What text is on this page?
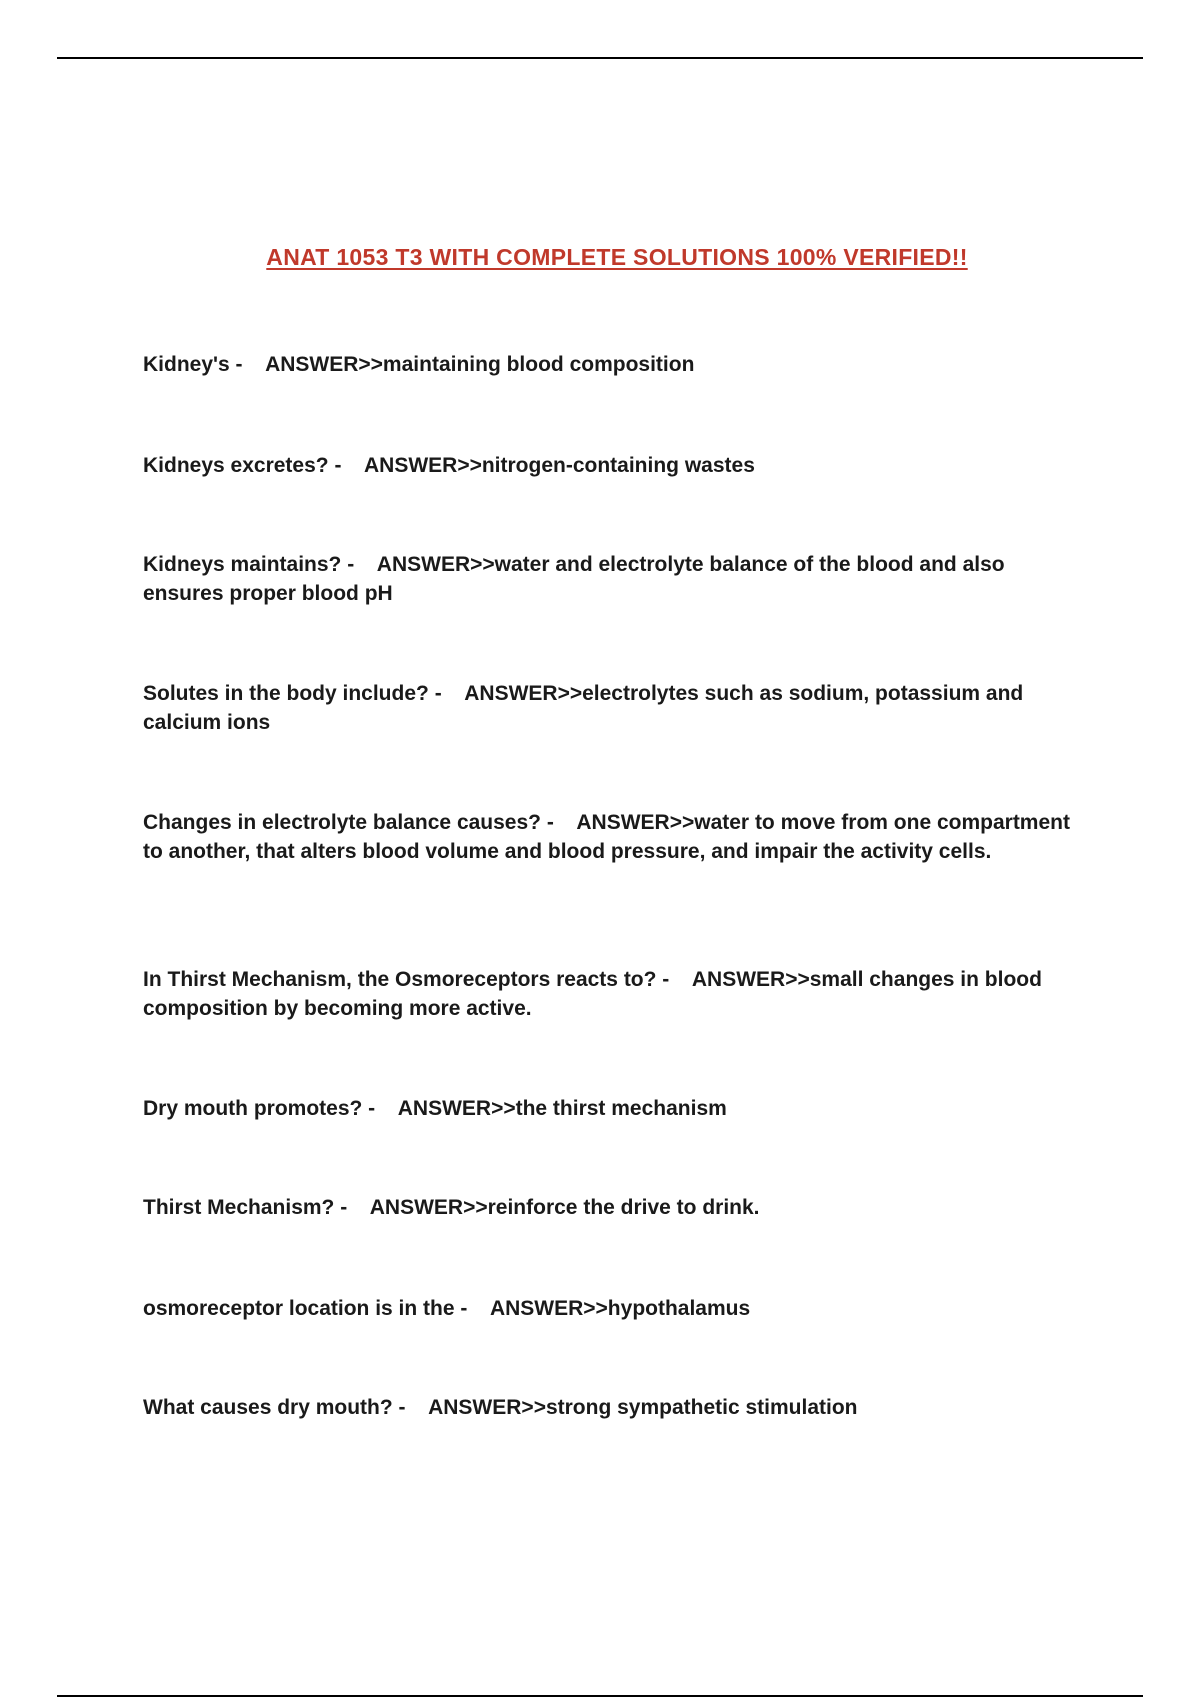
ANAT 1053 T3 WITH COMPLETE SOLUTIONS 100% VERIFIED!!
Kidney's -    ANSWER>>maintaining blood composition
Kidneys excretes? -    ANSWER>>nitrogen-containing wastes
Kidneys maintains? -    ANSWER>>water and electrolyte balance of the blood and also ensures proper blood pH
Solutes in the body include? -    ANSWER>>electrolytes such as sodium, potassium and calcium ions
Changes in electrolyte balance causes? -    ANSWER>>water to move from one compartment to another, that alters blood volume and blood pressure, and impair the activity cells.
In Thirst Mechanism, the Osmoreceptors reacts to? -    ANSWER>>small changes in blood composition by becoming more active.
Dry mouth promotes? -    ANSWER>>the thirst mechanism
Thirst Mechanism? -    ANSWER>>reinforce the drive to drink.
osmoreceptor location is in the -    ANSWER>>hypothalamus
What causes dry mouth? -    ANSWER>>strong sympathetic stimulation
